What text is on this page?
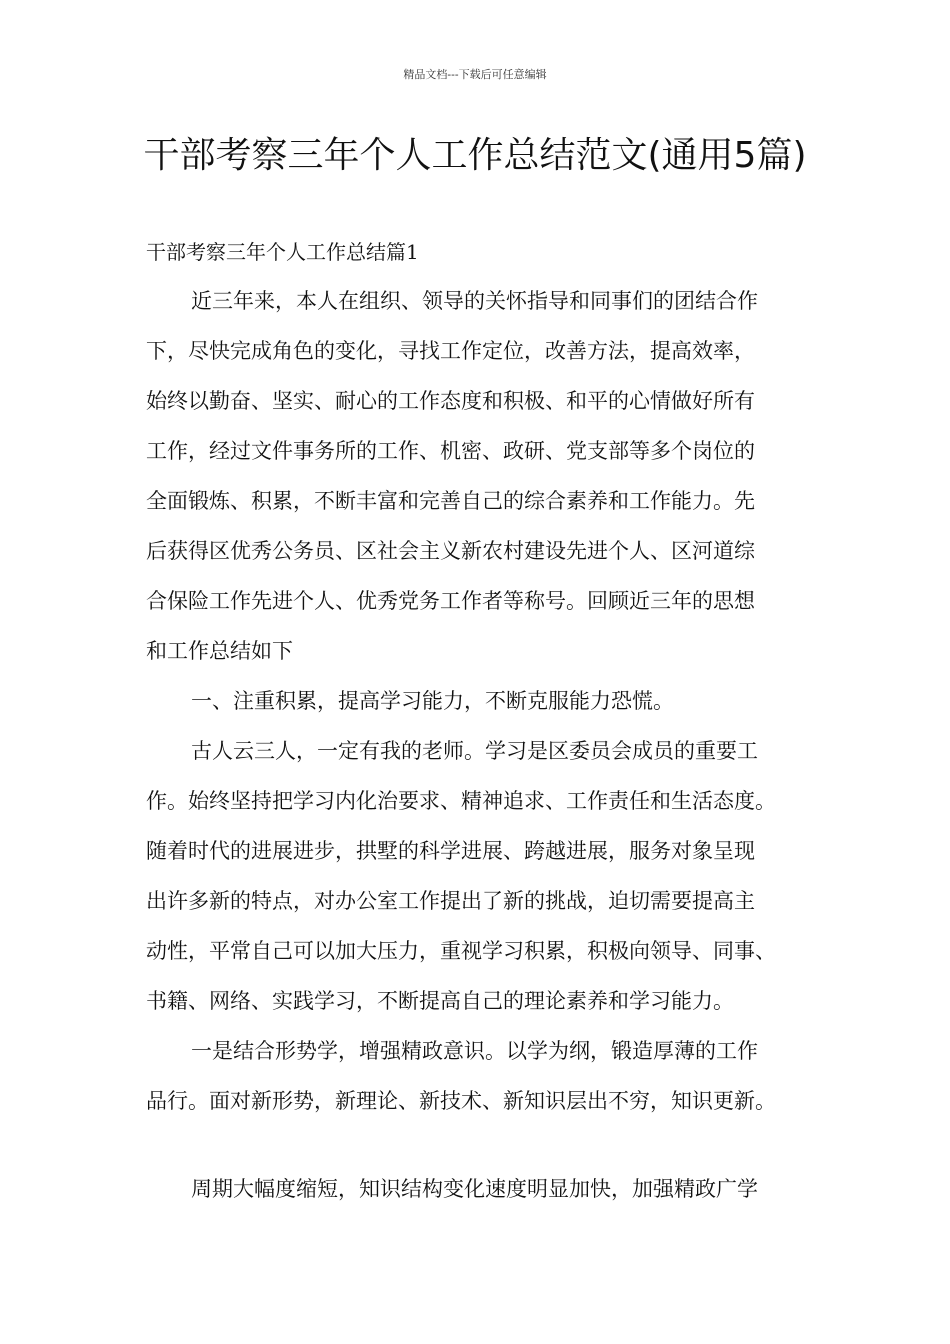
精品文档---下载后可任意编辑
干部考察三年个人工作总结范文(通用5篇)
干部考察三年个人工作总结篇1
近三年来，本人在组织、领导的关怀指导和同事们的团结合作
下，尽快完成角色的变化，寻找工作定位，改善方法，提高效率，
始终以勤奋、坚实、耐心的工作态度和积极、和平的心情做好所有
工作，经过文件事务所的工作、机密、政研、党支部等多个岗位的
全面锻炼、积累，不断丰富和完善自己的综合素养和工作能力。先
后获得区优秀公务员、区社会主义新农村建设先进个人、区河道综
合保险工作先进个人、优秀党务工作者等称号。回顾近三年的思想
和工作总结如下
一、注重积累，提高学习能力，不断克服能力恐慌。
古人云三人，一定有我的老师。学习是区委员会成员的重要工
作。始终坚持把学习内化治要求、精神追求、工作责任和生活态度。
随着时代的进展进步，拱墅的科学进展、跨越进展，服务对象呈现
出许多新的特点，对办公室工作提出了新的挑战，迫切需要提高主
动性，平常自己可以加大压力，重视学习积累，积极向领导、同事、
书籍、网络、实践学习，不断提高自己的理论素养和学习能力。
一是结合形势学，增强精政意识。以学为纲，锻造厚薄的工作
品行。面对新形势，新理论、新技术、新知识层出不穷，知识更新。
周期大幅度缩短，知识结构变化速度明显加快，加强精政广学
